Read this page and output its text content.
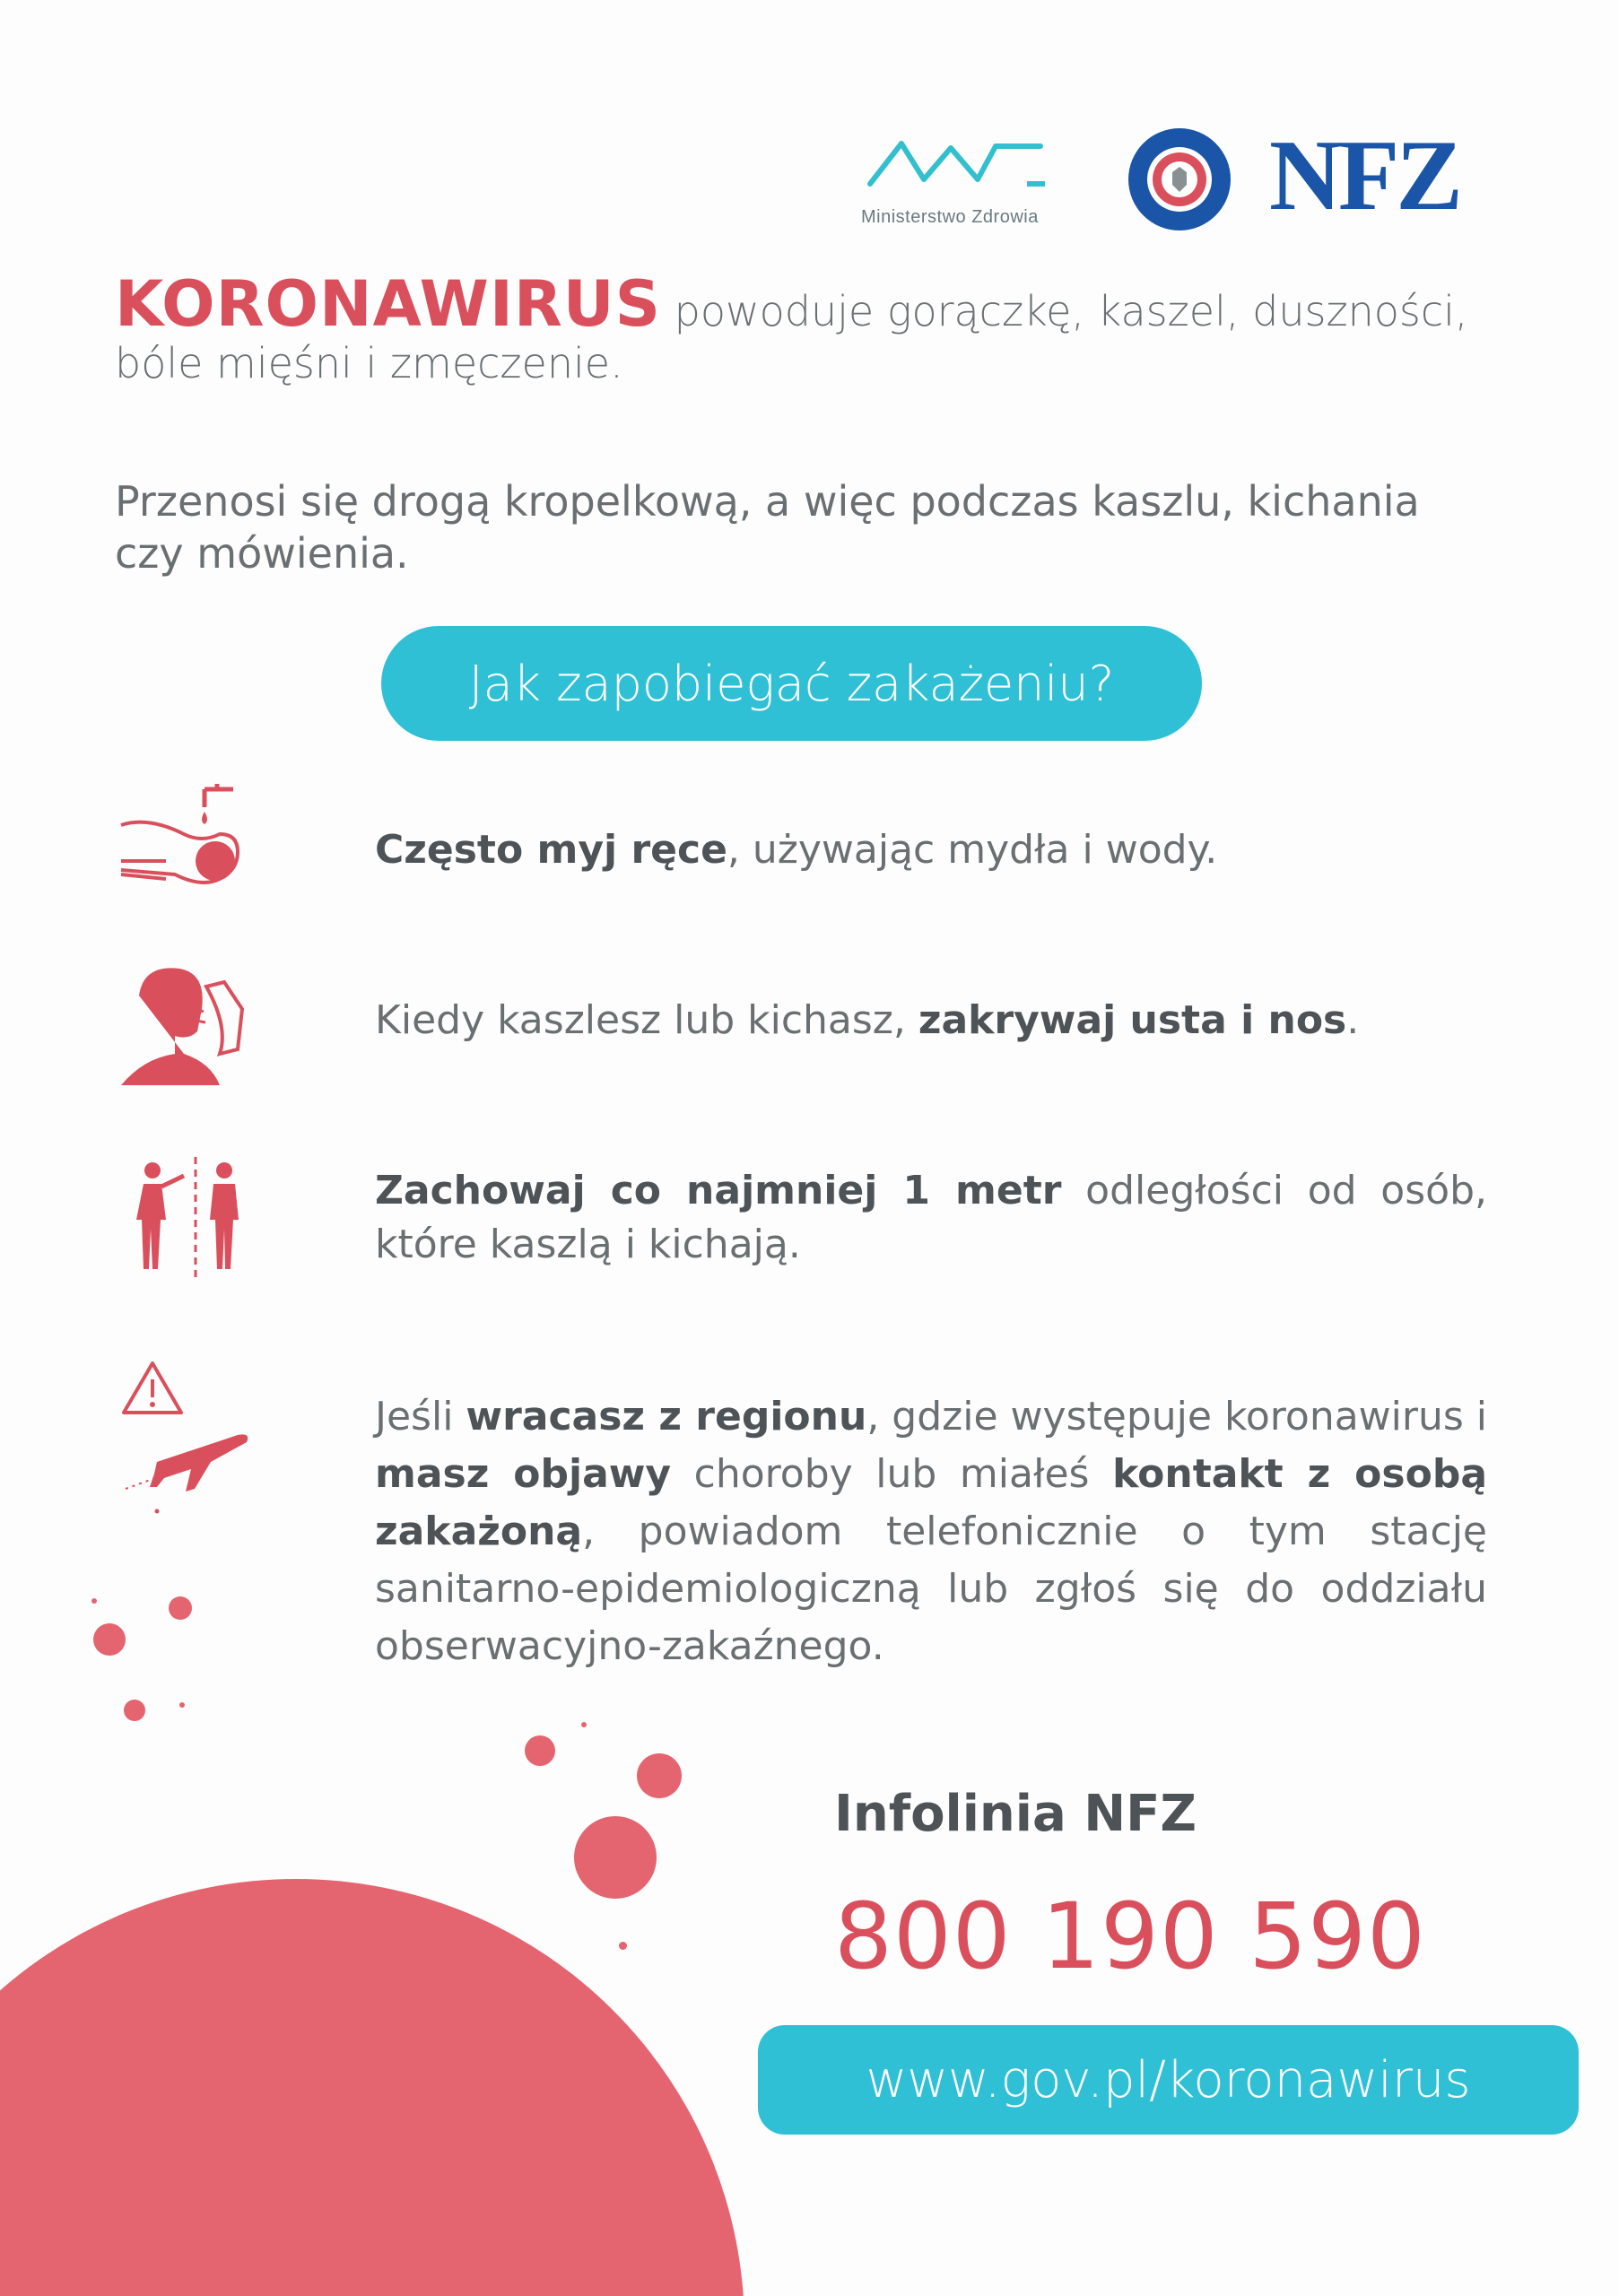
Ministerstwo Zdrowia	NFZ
KORONAWIRUS powoduje gorączkę, kaszel, duszności, bóle mięśni i zmęczenie.
Przenosi się drogą kropelkową, a więc podczas kaszlu, kichania czy mówienia.
Jak zapobiegać zakażeniu?
Często myj ręce, używając mydła i wody.
Kiedy kaszlesz lub kichasz, zakrywaj usta i nos.
Zachowaj co najmniej 1 metr odległości od osób, które kaszlą i kichają.
Jeśli wracasz z regionu, gdzie występuje koronawirus i masz objawy choroby lub miałeś kontakt z osobą zakażoną, powiadom telefonicznie o tym stację sanitarno-epidemiologiczną lub zgłoś się do oddziału obserwacyjno-zakaźnego.
Infolinia NFZ
800 190 590
www.gov.pl/koronawirus
